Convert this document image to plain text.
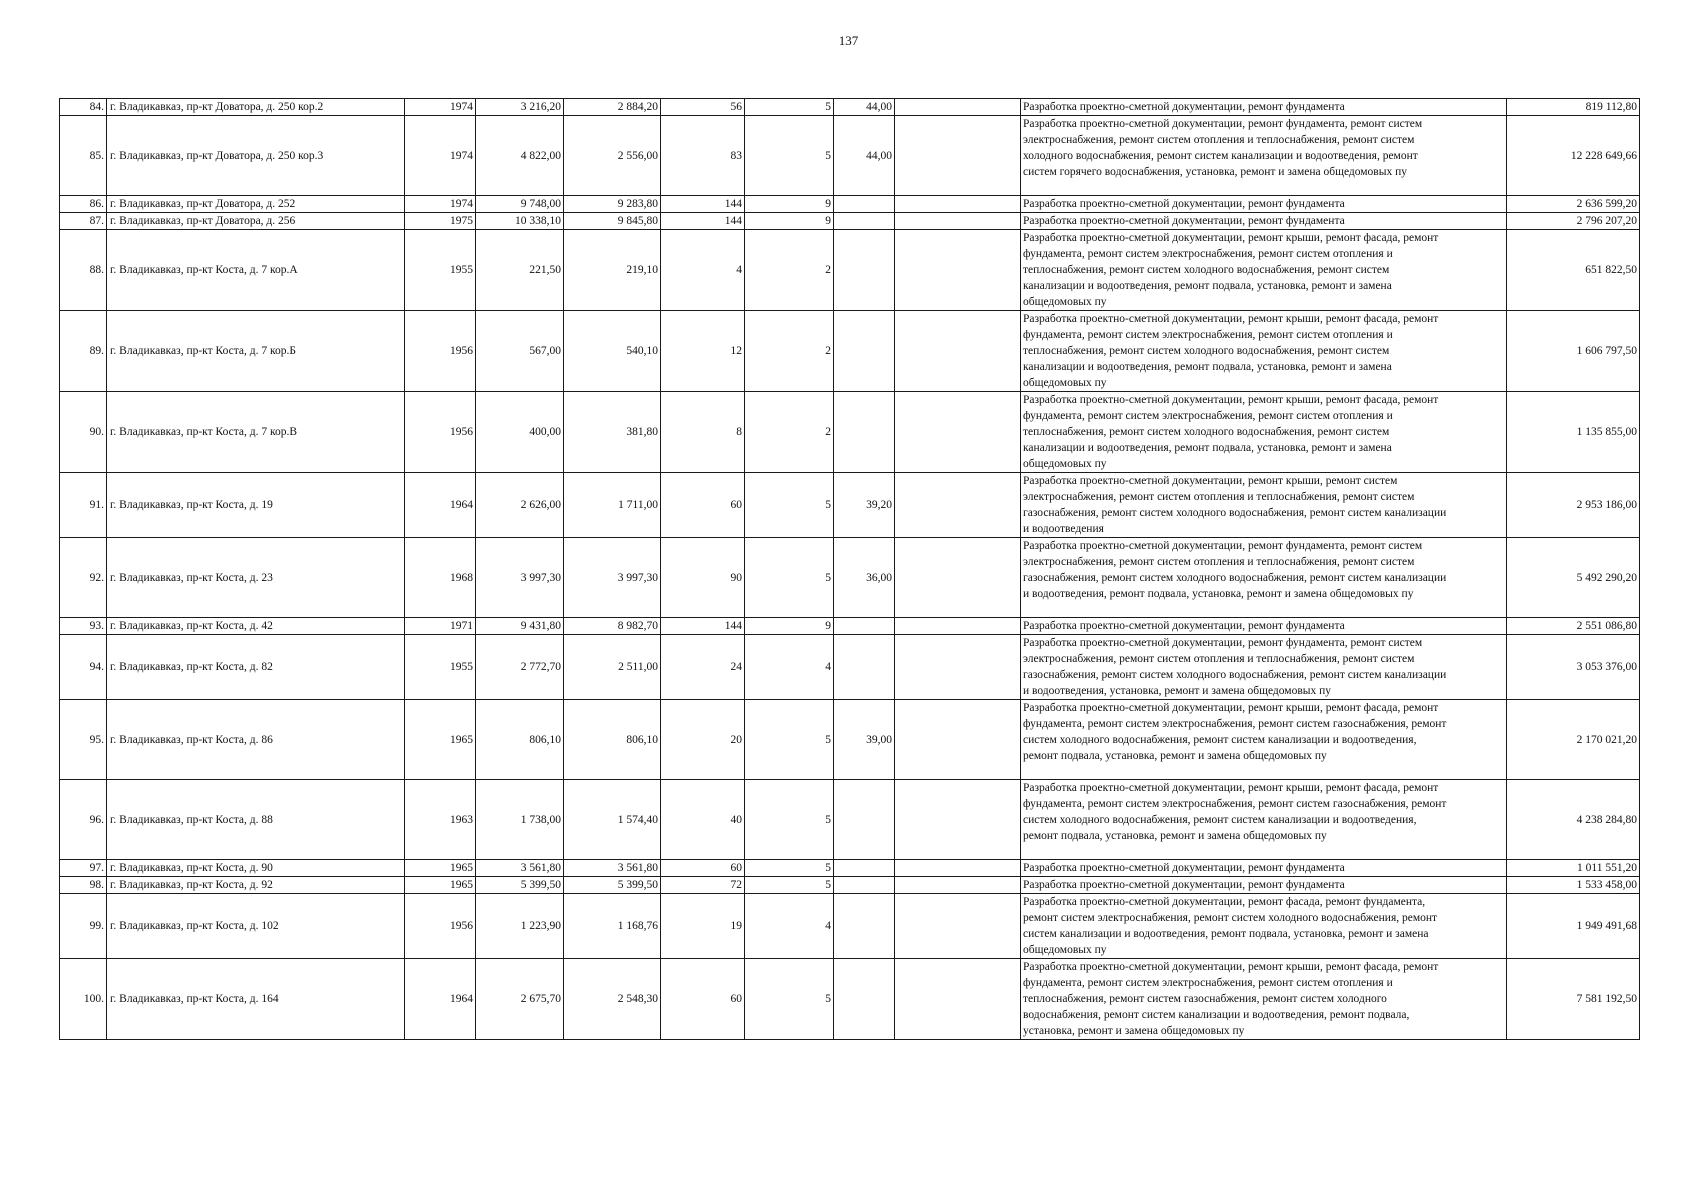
137
84.	г. Владикавказ, пр-кт Доватора, д. 250 кор.2	1974	3 216,20	2 884,20	56	5	44,00		Разработка проектно-сметной документации, ремонт фундамента	819 112,80
85.	г. Владикавказ, пр-кт Доватора, д. 250 кор.3	1974	4 822,00	2 556,00	83	5	44,00		Разработка проектно-сметной документации, ремонт фундамента, ремонт систем
электроснабжения, ремонт систем отопления и теплоснабжения, ремонт систем
холодного водоснабжения, ремонт систем канализации и водоотведения, ремонт
систем горячего водоснабжения, установка, ремонт и замена общедомовых пу	12 228 649,66
86.	г. Владикавказ, пр-кт Доватора, д. 252	1974	9 748,00	9 283,80	144	9			Разработка проектно-сметной документации, ремонт фундамента	2 636 599,20
87.	г. Владикавказ, пр-кт Доватора, д. 256	1975	10 338,10	9 845,80	144	9			Разработка проектно-сметной документации, ремонт фундамента	2 796 207,20
88.	г. Владикавказ, пр-кт Коста, д. 7 кор.А	1955	221,50	219,10	4	2			Разработка проектно-сметной документации, ремонт крыши, ремонт фасада, ремонт
фундамента, ремонт систем электроснабжения, ремонт систем отопления и
теплоснабжения, ремонт систем холодного водоснабжения, ремонт систем
канализации и водоотведения, ремонт подвала, установка, ремонт и замена
общедомовых пу	651 822,50
89.	г. Владикавказ, пр-кт Коста, д. 7 кор.Б	1956	567,00	540,10	12	2			Разработка проектно-сметной документации, ремонт крыши, ремонт фасада, ремонт
фундамента, ремонт систем электроснабжения, ремонт систем отопления и
теплоснабжения, ремонт систем холодного водоснабжения, ремонт систем
канализации и водоотведения, ремонт подвала, установка, ремонт и замена
общедомовых пу	1 606 797,50
90.	г. Владикавказ, пр-кт Коста, д. 7 кор.В	1956	400,00	381,80	8	2			Разработка проектно-сметной документации, ремонт крыши, ремонт фасада, ремонт
фундамента, ремонт систем электроснабжения, ремонт систем отопления и
теплоснабжения, ремонт систем холодного водоснабжения, ремонт систем
канализации и водоотведения, ремонт подвала, установка, ремонт и замена
общедомовых пу	1 135 855,00
91.	г. Владикавказ, пр-кт Коста, д. 19	1964	2 626,00	1 711,00	60	5	39,20		Разработка проектно-сметной документации, ремонт крыши, ремонт систем
электроснабжения, ремонт систем отопления и теплоснабжения, ремонт систем
газоснабжения, ремонт систем холодного водоснабжения, ремонт систем канализации
и водоотведения	2 953 186,00
92.	г. Владикавказ, пр-кт Коста, д. 23	1968	3 997,30	3 997,30	90	5	36,00		Разработка проектно-сметной документации, ремонт фундамента, ремонт систем
электроснабжения, ремонт систем отопления и теплоснабжения, ремонт систем
газоснабжения, ремонт систем холодного водоснабжения, ремонт систем канализации
и водоотведения, ремонт подвала, установка, ремонт и замена общедомовых пу	5 492 290,20
93.	г. Владикавказ, пр-кт Коста, д. 42	1971	9 431,80	8 982,70	144	9			Разработка проектно-сметной документации, ремонт фундамента	2 551 086,80
94.	г. Владикавказ, пр-кт Коста, д. 82	1955	2 772,70	2 511,00	24	4			Разработка проектно-сметной документации, ремонт фундамента, ремонт систем
электроснабжения, ремонт систем отопления и теплоснабжения, ремонт систем
газоснабжения, ремонт систем холодного водоснабжения, ремонт систем канализации
и водоотведения, установка, ремонт и замена общедомовых пу	3 053 376,00
95.	г. Владикавказ, пр-кт Коста, д. 86	1965	806,10	806,10	20	5	39,00		Разработка проектно-сметной документации, ремонт крыши, ремонт фасада, ремонт
фундамента, ремонт систем электроснабжения, ремонт систем газоснабжения, ремонт
систем холодного водоснабжения, ремонт систем канализации и водоотведения,
ремонт подвала, установка, ремонт и замена общедомовых пу	2 170 021,20
96.	г. Владикавказ, пр-кт Коста, д. 88	1963	1 738,00	1 574,40	40	5			Разработка проектно-сметной документации, ремонт крыши, ремонт фасада, ремонт
фундамента, ремонт систем электроснабжения, ремонт систем газоснабжения, ремонт
систем холодного водоснабжения, ремонт систем канализации и водоотведения,
ремонт подвала, установка, ремонт и замена общедомовых пу	4 238 284,80
97.	г. Владикавказ, пр-кт Коста, д. 90	1965	3 561,80	3 561,80	60	5			Разработка проектно-сметной документации, ремонт фундамента	1 011 551,20
98.	г. Владикавказ, пр-кт Коста, д. 92	1965	5 399,50	5 399,50	72	5			Разработка проектно-сметной документации, ремонт фундамента	1 533 458,00
99.	г. Владикавказ, пр-кт Коста, д. 102	1956	1 223,90	1 168,76	19	4			Разработка проектно-сметной документации, ремонт фасада, ремонт фундамента,
ремонт систем электроснабжения, ремонт систем холодного водоснабжения, ремонт
систем канализации и водоотведения, ремонт подвала, установка, ремонт и замена
общедомовых пу	1 949 491,68
100.	г. Владикавказ, пр-кт Коста, д. 164	1964	2 675,70	2 548,30	60	5			Разработка проектно-сметной документации, ремонт крыши, ремонт фасада, ремонт
фундамента, ремонт систем электроснабжения, ремонт систем отопления и
теплоснабжения, ремонт систем газоснабжения, ремонт систем холодного
водоснабжения, ремонт систем канализации и водоотведения, ремонт подвала,
установка, ремонт и замена общедомовых пу	7 581 192,50
